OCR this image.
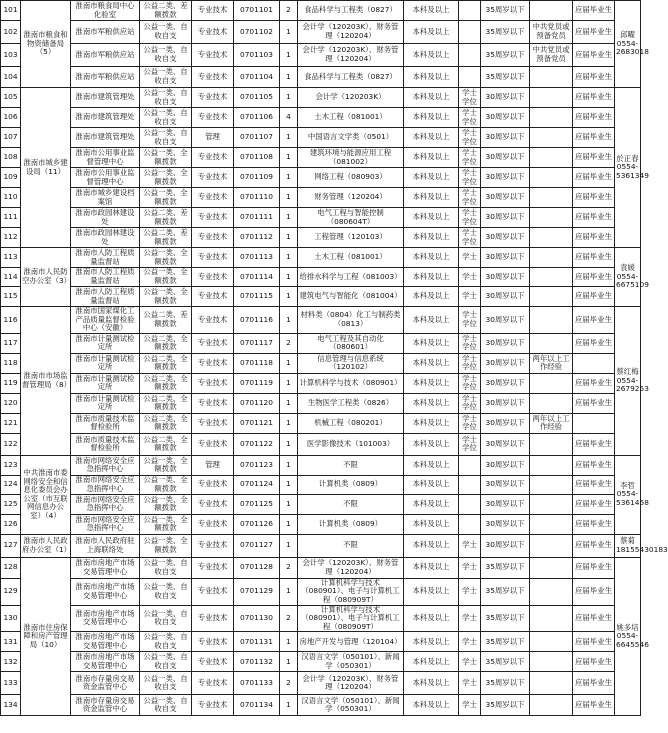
101	淮南市粮食和物资储备局（5）	淮南市粮食局中心化验室	公益二类、差额拨款	专业技术	0701101	2	食品科学与工程类（0827）	本科及以上		35周岁以下		应届毕业生	邱曜 0554-2683018
102		淮南市军粮供应站	公益一类、自收自支	专业技术	0701102	1	会计学（120203K）、财务管理（120204）	本科及以上		35周岁以下	中共党员或预备党员	应届毕业生	
103		淮南市军粮供应站	公益一类、自收自支	专业技术	0701103	1	会计学（120203K）、财务管理（120204）	本科及以上		35周岁以下	中共党员或预备党员	应届毕业生	
104		淮南市军粮供应站	公益一类、自收自支	专业技术	0701104	1	食品科学与工程类（0827）	本科及以上		35周岁以下		应届毕业生	
105	淮南市城乡建设局（11）	淮南市建筑管理处	公益一类、自收自支	专业技术	0701105	1	会计学（120203K）	本科及以上	学士学位	30周岁以下		应届毕业生	於正春 0554-5361349
106		淮南市建筑管理处	公益一类、自收自支	专业技术	0701106	4	土木工程（081001）	本科及以上	学士学位	30周岁以下		应届毕业生	
107		淮南市建筑管理处	公益一类、自收自支	管理	0701107	1	中国语言文学类（0501）	本科及以上	学士学位	30周岁以下		应届毕业生	
108		淮南市公用事业监督管理中心	公益一类、全额拨款	专业技术	0701108	1	建筑环境与能源应用工程（081002）	本科及以上	学士学位	30周岁以下		应届毕业生	
109		淮南市公用事业监督管理中心	公益一类、全额拨款	专业技术	0701109	1	网络工程（080903）	本科及以上	学士学位	30周岁以下		应届毕业生	
110		淮南市城乡建设档案馆	公益一类、全额拨款	专业技术	0701110	1	财务管理（120204）	本科及以上	学士学位	30周岁以下		应届毕业生	
111		淮南市政园林建设处	公益二类、差额拨款	专业技术	0701111	1	电气工程与智能控制（080604T）	本科及以上	学士学位	30周岁以下		应届毕业生	
112		淮南市政园林建设处	公益二类、差额拨款	专业技术	0701112	1	工程管理（120103）	本科及以上	学士学位	30周岁以下		应届毕业生	
113	淮南市人民防空办公室（3）	淮南市人防工程质量监督站	公益一类、全额拨款	专业技术	0701113	1	土木工程（081001）	本科及以上	学士	30周岁以下		应届毕业生	袁媛 0554-6675109
114		淮南市人防工程质量监督站	公益一类、全额拨款	专业技术	0701114	1	给排水科学与工程（081003）	本科及以上	学士	30周岁以下		应届毕业生	
115		淮南市人防工程质量监督站	公益一类、全额拨款	专业技术	0701115	1	建筑电气与智能化（081004）	本科及以上	学士	30周岁以下		应届毕业生	
116	淮南市市场监督管理局（8）	淮南市国家煤化工产品质量监督检验中心（安徽）	公益二类、差额拨款	专业技术	0701116	1	材料类（0804）化工与制药类（0813）	本科及以上	学士学位	30周岁以下		应届毕业生	蔡红梅 0554-2679253
117		淮南市计量测试检定所	公益二类、全额拨款	专业技术	0701117	2	电气工程及其自动化（080601）	本科及以上	学士学位	30周岁以下		应届毕业生	
118		淮南市计量测试检定所	公益二类、全额拨款	专业技术	0701118	1	信息管理与信息系统（120102）	本科及以上	学士学位	30周岁以下	两年以上工作经验		
119		淮南市计量测试检定所	公益二类、全额拨款	专业技术	0701119	1	计算机科学与技术（080901）	本科及以上	学士学位	30周岁以下		应届毕业生	
120		淮南市计量测试检定所	公益二类、全额拨款	专业技术	0701120	1	生物医学工程类（0826）	本科及以上	学士学位	30周岁以下		应届毕业生	
121		淮南市质量技术监督检验所	公益二类、全额拨款	专业技术	0701121	1	机械工程（080201）	本科及以上	学士学位	30周岁以下	两年以上工作经验		
122		淮南市质量技术监督检验所	公益二类、全额拨款	专业技术	0701122	1	医学影像技术（101003）	本科及以上	学士学位	30周岁以下		应届毕业生	
123	中共淮南市委网络安全和信息化委员会办公室（市互联网信息办公室）（4）	淮南市网络安全应急指挥中心	公益一类、全额拨款	管理	0701123	1	不限	本科及以上		30周岁以下		应届毕业生	李哲 0554-5361458
124		淮南市网络安全应急指挥中心	公益一类、全额拨款	专业技术	0701124	1	计算机类（0809）	本科及以上		30周岁以下		应届毕业生	
125		淮南市网络安全应急指挥中心	公益一类、全额拨款	专业技术	0701125	1	不限	本科及以上		30周岁以下		应届毕业生	
126		淮南市网络安全应急指挥中心	公益一类、全额拨款	专业技术	0701126	1	计算机类（0809）	本科及以上		30周岁以下		应届毕业生	
127	淮南市人民政府办公室（1）	淮南市人民政府驻上海联络处	公益一类、全额拨款	专业技术	0701127	1	不限	本科及以上	学士	30周岁以下		应届毕业生	蔡菊 18155430183
128	淮南市住房保障和房产管理局（10）	淮南市房地产市场交易管理中心	公益一类、自收自支	专业技术	0701128	2	会计学（120203K）、财务管理（120204）	本科及以上	学士	35周岁以下		应届毕业生	姚多培 0554-6645546
129		淮南市房地产市场交易管理中心	公益一类、自收自支	专业技术	0701129	1	计算机科学与技术（080901）、电子与计算机工程（080909T）	本科及以上	学士	35周岁以下		应届毕业生	
130		淮南市房地产市场交易管理中心	公益一类、自收自支	专业技术	0701130	2	计算机科学与技术（080901）、电子与计算机工程（080909T）	本科及以上	学士	35周岁以下		应届毕业生	
131		淮南市房地产市场交易管理中心	公益一类、自收自支	专业技术	0701131	1	房地产开发与管理（120104）	本科及以上	学士	35周岁以下		应届毕业生	
132		淮南市房地产市场交易管理中心	公益一类、自收自支	专业技术	0701132	1	汉语言文学（050101）、新闻学（050301）	本科及以上	学士	35周岁以下		应届毕业生	
133		淮南市存量房交易资金监管中心	公益一类、自收自支	专业技术	0701133	2	会计学（120203K）、财务管理（120204）	本科及以上	学士	35周岁以下		应届毕业生	
134		淮南市存量房交易资金监管中心	公益一类、自收自支	专业技术	0701134	1	汉语言文学（050101）、新闻学（050301）	本科及以上	学士	35周岁以下		应届毕业生	
